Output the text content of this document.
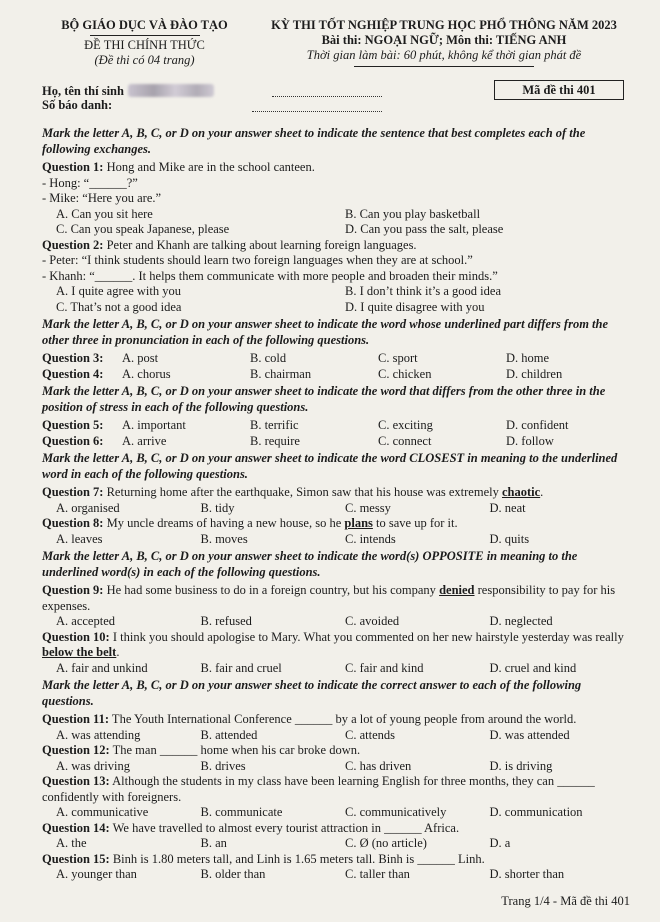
BỘ GIÁO DỤC VÀ ĐÀO TẠO
ĐỀ THI CHÍNH THỨC
(Đề thi có 04 trang)
KỲ THI TỐT NGHIỆP TRUNG HỌC PHỔ THÔNG NĂM 2023
Bài thi: NGOẠI NGỮ; Môn thi: TIẾNG ANH
Thời gian làm bài: 60 phút, không kể thời gian phát đề
Họ, tên thí sinh
Số báo danh:
Mã đề thi 401

Mark the letter A, B, C, or D on your answer sheet to indicate the sentence that best completes each of the following exchanges.

Question 1: Hong and Mike are in the school canteen.

- Hong: “______?”

- Mike: “Here you are.”

A. Can you sit here	B. Can you play basketball
C. Can you speak Japanese, please	D. Can you pass the salt, please

Question 2: Peter and Khanh are talking about learning foreign languages.

- Peter: “I think students should learn two foreign languages when they are at school.”

- Khanh: “______. It helps them communicate with more people and broaden their minds.”

A. I quite agree with you	B. I don’t think it’s a good idea
C. That’s not a good idea	D. I quite disagree with you

Mark the letter A, B, C, or D on your answer sheet to indicate the word whose underlined part differs from the other three in pronunciation in each of the following questions.

Question 3:	A. post	B. cold	C. sport	D. home
Question 4:	A. chorus	B. chairman	C. chicken	D. children

Mark the letter A, B, C, or D on your answer sheet to indicate the word that differs from the other three in the position of stress in each of the following questions.

Question 5:	A. important	B. terrific	C. exciting	D. confident
Question 6:	A. arrive	B. require	C. connect	D. follow

Mark the letter A, B, C, or D on your answer sheet to indicate the word CLOSEST in meaning to the underlined word in each of the following questions.

Question 7: Returning home after the earthquake, Simon saw that his house was extremely chaotic.

A. organised	B. tidy	C. messy	D. neat

Question 8: My uncle dreams of having a new house, so he plans to save up for it.

A. leaves	B. moves	C. intends	D. quits

Mark the letter A, B, C, or D on your answer sheet to indicate the word(s) OPPOSITE in meaning to the underlined word(s) in each of the following questions.

Question 9: He had some business to do in a foreign country, but his company denied responsibility to pay for his expenses.

A. accepted	B. refused	C. avoided	D. neglected

Question 10: I think you should apologise to Mary. What you commented on her new hairstyle yesterday was really below the belt.

A. fair and unkind	B. fair and cruel	C. fair and kind	D. cruel and kind

Mark the letter A, B, C, or D on your answer sheet to indicate the correct answer to each of the following questions.

Question 11: The Youth International Conference ______ by a lot of young people from around the world.

A. was attending	B. attended	C. attends	D. was attended

Question 12: The man ______ home when his car broke down.

A. was driving	B. drives	C. has driven	D. is driving

Question 13: Although the students in my class have been learning English for three months, they can ______ confidently with foreigners.

A. communicative	B. communicate	C. communicatively	D. communication

Question 14: We have travelled to almost every tourist attraction in ______ Africa.

A. the	B. an	C. Ø (no article)	D. a

Question 15: Binh is 1.80 meters tall, and Linh is 1.65 meters tall. Binh is ______ Linh.

A. younger than	B. older than	C. taller than	D. shorter than
Trang 1/4 - Mã đề thi 401
